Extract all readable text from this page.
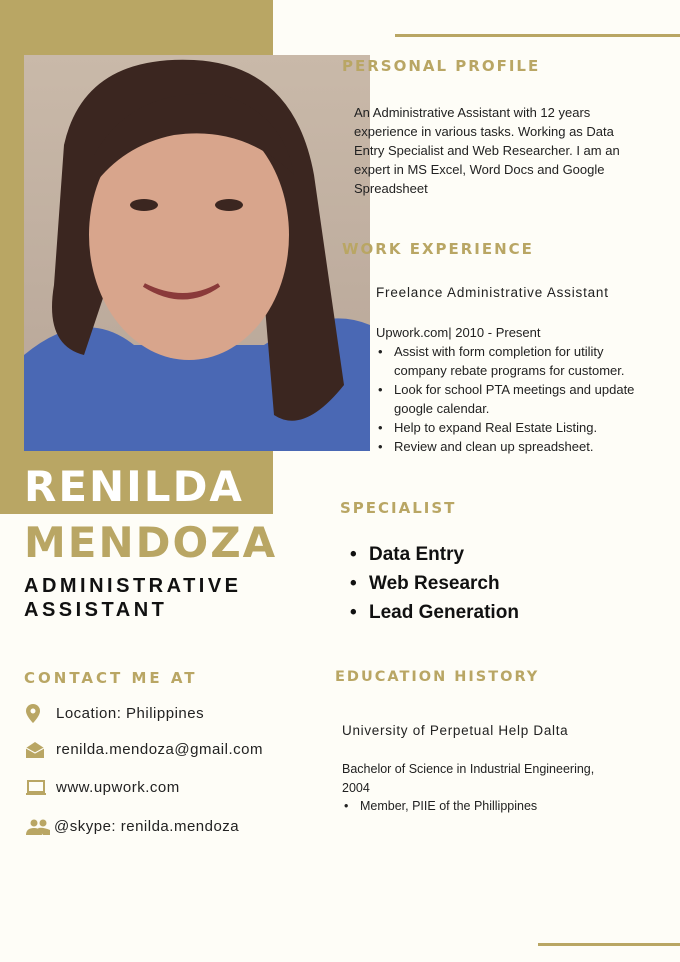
RENILDA
MENDOZA
ADMINISTRATIVE ASSISTANT
PERSONAL PROFILE
An Administrative Assistant with 12 years experience in various tasks. Working as Data Entry Specialist and Web Researcher. I am an expert in MS Excel, Word Docs and Google Spreadsheet
WORK EXPERIENCE
Freelance Administrative Assistant
Upwork.com| 2010 - Present
• Assist with form completion for utility company rebate programs for customer.
• Look for school PTA meetings and update google calendar.
• Help to expand Real Estate Listing.
• Review and clean up spreadsheet.
SPECIALIST
• Data Entry
• Web Research
• Lead Generation
CONTACT ME AT
Location: Philippines
renilda.mendoza@gmail.com
www.upwork.com
@skype: renilda.mendoza
EDUCATION HISTORY
University of Perpetual Help Dalta
Bachelor of Science in Industrial Engineering, 2004
• Member, PIIE of the Phillippines
